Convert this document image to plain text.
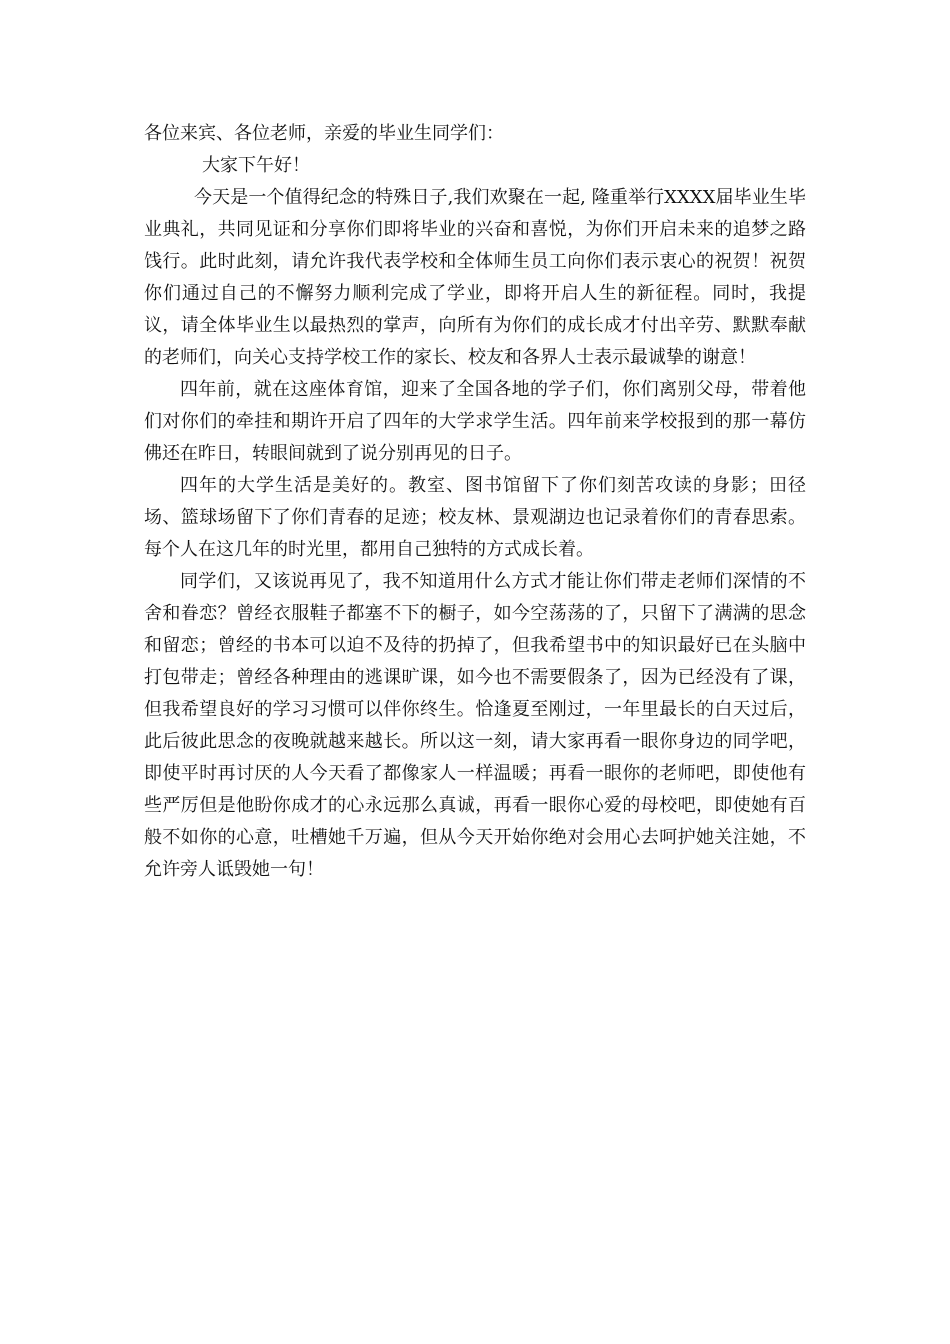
各位来宾、各位老师，亲爱的毕业生同学们：

大家下午好！

今天是一个值得纪念的特殊日子,我们欢聚在一起, 隆重举行XXXX届毕业生毕业典礼，共同见证和分享你们即将毕业的兴奋和喜悦，为你们开启未来的追梦之路饯行。此时此刻，请允许我代表学校和全体师生员工向你们表示衷心的祝贺！祝贺你们通过自己的不懈努力顺利完成了学业，即将开启人生的新征程。同时，我提议，请全体毕业生以最热烈的掌声，向所有为你们的成长成才付出辛劳、默默奉献的老师们，向关心支持学校工作的家长、校友和各界人士表示最诚挚的谢意！

四年前，就在这座体育馆，迎来了全国各地的学子们，你们离别父母，带着他们对你们的牵挂和期许开启了四年的大学求学生活。四年前来学校报到的那一幕仿佛还在昨日，转眼间就到了说分别再见的日子。

四年的大学生活是美好的。教室、图书馆留下了你们刻苦攻读的身影；田径场、篮球场留下了你们青春的足迹；校友林、景观湖边也记录着你们的青春思索。每个人在这几年的时光里，都用自己独特的方式成长着。

同学们，又该说再见了，我不知道用什么方式才能让你们带走老师们深情的不舍和眷恋？曾经衣服鞋子都塞不下的橱子，如今空荡荡的了，只留下了满满的思念和留恋；曾经的书本可以迫不及待的扔掉了，但我希望书中的知识最好已在头脑中打包带走；曾经各种理由的逃课旷课，如今也不需要假条了，因为已经没有了课，但我希望良好的学习习惯可以伴你终生。恰逢夏至刚过，一年里最长的白天过后，此后彼此思念的夜晚就越来越长。所以这一刻，请大家再看一眼你身边的同学吧，即使平时再讨厌的人今天看了都像家人一样温暖；再看一眼你的老师吧，即使他有些严厉但是他盼你成才的心永远那么真诚，再看一眼你心爱的母校吧，即使她有百般不如你的心意，吐槽她千万遍，但从今天开始你绝对会用心去呵护她关注她，不允许旁人诋毁她一句！
